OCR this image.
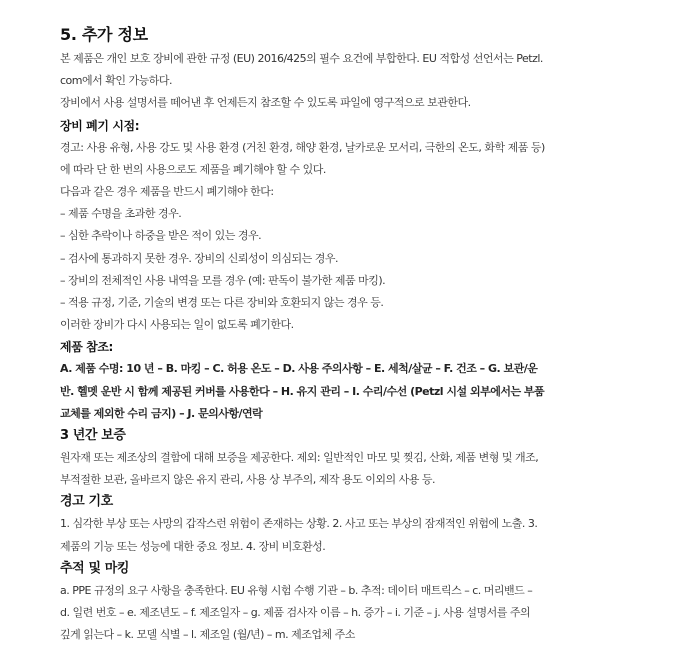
5. 추가 정보

본 제품은 개인 보호 장비에 관한 규정 (EU) 2016/425의 필수 요건에 부합한다. EU 적합성 선언서는 Petzl.

com에서 확인 가능하다.

장비에서 사용 설명서를 떼어낸 후 언제든지 참조할 수 있도록 파일에 영구적으로 보관한다.

장비 폐기 시점:

경고: 사용 유형, 사용 강도 및 사용 환경 (거친 환경, 해양 환경, 날카로운 모서리, 극한의 온도, 화학 제품 등)

에 따라 단 한 번의 사용으로도 제품을 폐기해야 할 수 있다.

다음과 같은 경우 제품을 반드시 폐기해야 한다:

– 제품 수명을 초과한 경우.

– 심한 추락이나 하중을 받은 적이 있는 경우.

– 검사에 통과하지 못한 경우. 장비의 신뢰성이 의심되는 경우.

– 장비의 전체적인 사용 내역을 모를 경우 (예: 판독이 불가한 제품 마킹).

– 적용 규정, 기준, 기술의 변경 또는 다른 장비와 호환되지 않는 경우 등.

이러한 장비가 다시 사용되는 일이 없도록 폐기한다.

제품 참조:

A. 제품 수명: 10 년 – B. 마킹 – C. 허용 온도 – D. 사용 주의사항 – E. 세척/살균 – F. 건조 – G. 보관/운

반. 헬멧 운반 시 함께 제공된 커버를 사용한다 – H. 유지 관리 – I. 수리/수선 (Petzl 시설 외부에서는 부품

교체를 제외한 수리 금지) – J. 문의사항/연락

3 년간 보증

원자재 또는 제조상의 결함에 대해 보증을 제공한다. 제외: 일반적인 마모 및 찢김, 산화, 제품 변형 및 개조,

부적절한 보관, 올바르지 않은 유지 관리, 사용 상 부주의, 제작 용도 이외의 사용 등.

경고 기호

1. 심각한 부상 또는 사망의 갑작스런 위험이 존재하는 상황. 2. 사고 또는 부상의 잠재적인 위험에 노출. 3.

제품의 기능 또는 성능에 대한 중요 정보. 4. 장비 비호환성.

추적 및 마킹

a. PPE 규정의 요구 사항을 충족한다. EU 유형 시험 수행 기관 – b. 추적: 데이터 매트릭스 – c. 머리밴드 –

d. 일련 번호 – e. 제조년도 – f. 제조일자 – g. 제품 검사자 이름 – h. 증가 – i. 기준 – j. 사용 설명서를 주의

깊게 읽는다 – k. 모델 식별 – l. 제조일 (월/년) – m. 제조업체 주소
